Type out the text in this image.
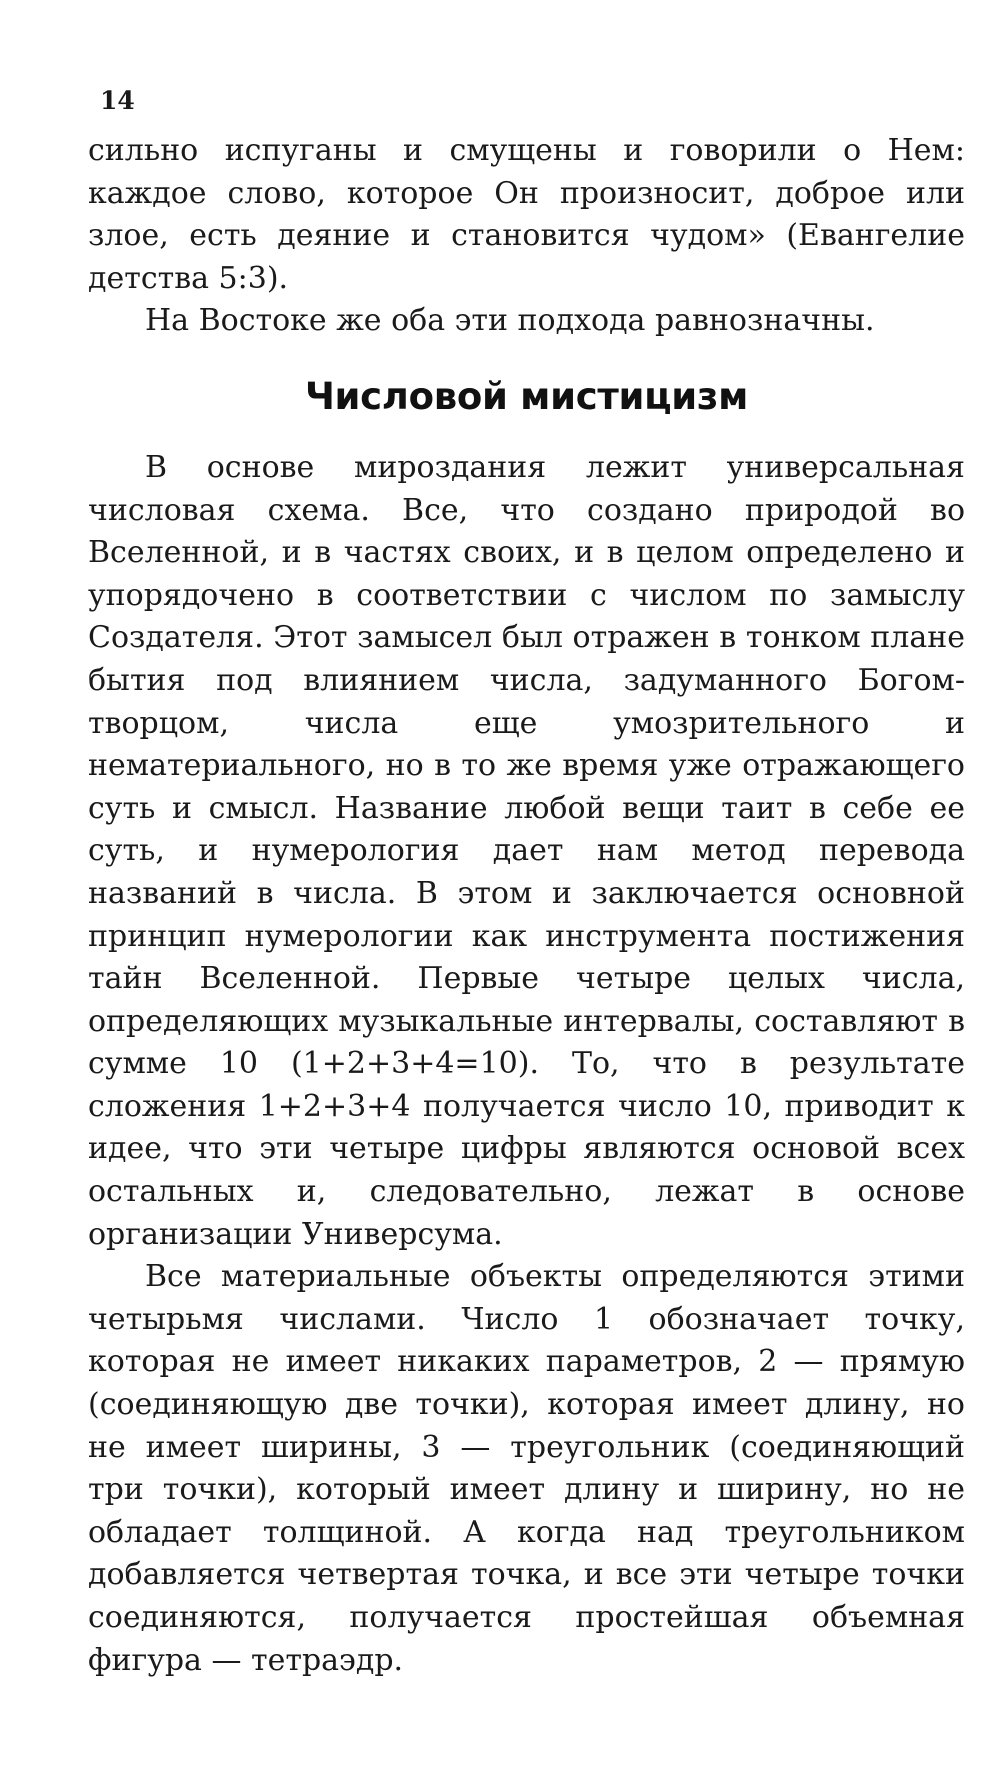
14

сильно испуганы и смущены и говорили о Нем: каждое слово, которое Он произносит, доброе или злое, есть деяние и становится чудом» (Евангелие детства 5:3).

На Востоке же оба эти подхода равнозначны.

Числовой мистицизм

В основе мироздания лежит универсальная числовая схема. Все, что создано природой во Вселенной, и в частях своих, и в целом определено и упорядочено в соответствии с числом по замыслу Создателя. Этот замысел был отражен в тонком плане бытия под влиянием числа, задуманного Богом-творцом, числа еще умозрительного и нематериального, но в то же время уже отражающего суть и смысл. Название любой вещи таит в себе ее суть, и нумерология дает нам метод перевода названий в числа. В этом и заключается основной принцип нумерологии как инструмента постижения тайн Вселенной. Первые четыре целых числа, определяющих музыкальные интервалы, составляют в сумме 10 (1+2+3+4=10). То, что в результате сложения 1+2+3+4 получается число 10, приводит к идее, что эти четыре цифры являются основой всех остальных и, следовательно, лежат в основе организации Универсума.

Все материальные объекты определяются этими четырьмя числами. Число 1 обозначает точку, которая не имеет никаких параметров, 2 — прямую (соединяющую две точки), которая имеет длину, но не имеет ширины, 3 — треугольник (соединяющий три точки), который имеет длину и ширину, но не обладает толщиной. А когда над треугольником добавляется четвертая точка, и все эти четыре точки соединяются, получается простейшая объемная фигура — тетраэдр.
